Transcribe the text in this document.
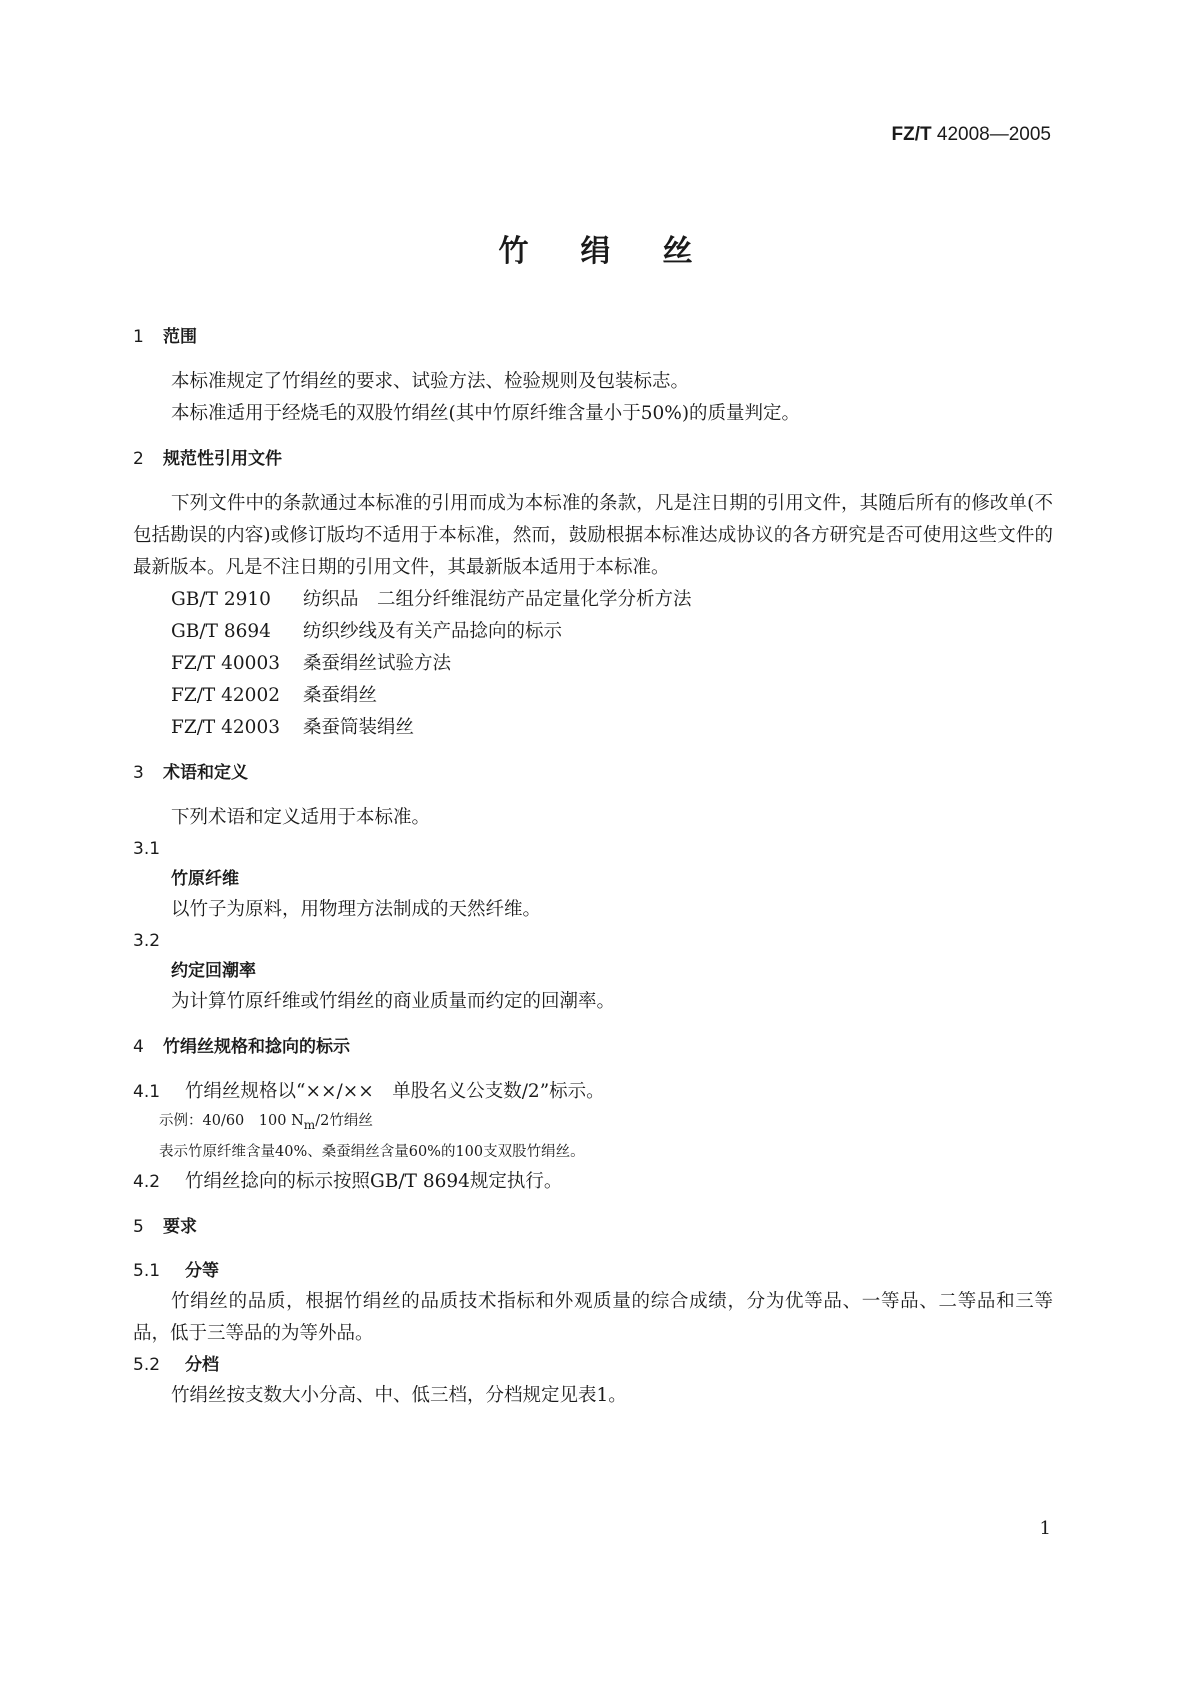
FZ/T 42008—2005
竹绢丝
1 范围
本标准规定了竹绢丝的要求、试验方法、检验规则及包装标志。
本标准适用于经烧毛的双股竹绢丝(其中竹原纤维含量小于50%)的质量判定。
2 规范性引用文件
下列文件中的条款通过本标准的引用而成为本标准的条款，凡是注日期的引用文件，其随后所有的修改单(不包括勘误的内容)或修订版均不适用于本标准，然而，鼓励根据本标准达成协议的各方研究是否可使用这些文件的最新版本。凡是不注日期的引用文件，其最新版本适用于本标准。
GB/T 2910 纺织品　二组分纤维混纺产品定量化学分析方法
GB/T 8694 纺织纱线及有关产品捻向的标示
FZ/T 40003 桑蚕绢丝试验方法
FZ/T 42002 桑蚕绢丝
FZ/T 42003 桑蚕筒装绢丝
3 术语和定义
下列术语和定义适用于本标准。
3.1
竹原纤维
以竹子为原料，用物理方法制成的天然纤维。
3.2
约定回潮率
为计算竹原纤维或竹绢丝的商业质量而约定的回潮率。
4 竹绢丝规格和捻向的标示
4.1 竹绢丝规格以“××/××　单股名义公支数/2”标示。
示例：40/60　100 $N_m/2$竹绢丝
表示竹原纤维含量40%、桑蚕绢丝含量60%的100支双股竹绢丝。
4.2 竹绢丝捻向的标示按照GB/T 8694规定执行。
5 要求
5.1 分等
竹绢丝的品质，根据竹绢丝的品质技术指标和外观质量的综合成绩，分为优等品、一等品、二等品和三等品，低于三等品的为等外品。
5.2 分档
竹绢丝按支数大小分高、中、低三档，分档规定见表1。
1
